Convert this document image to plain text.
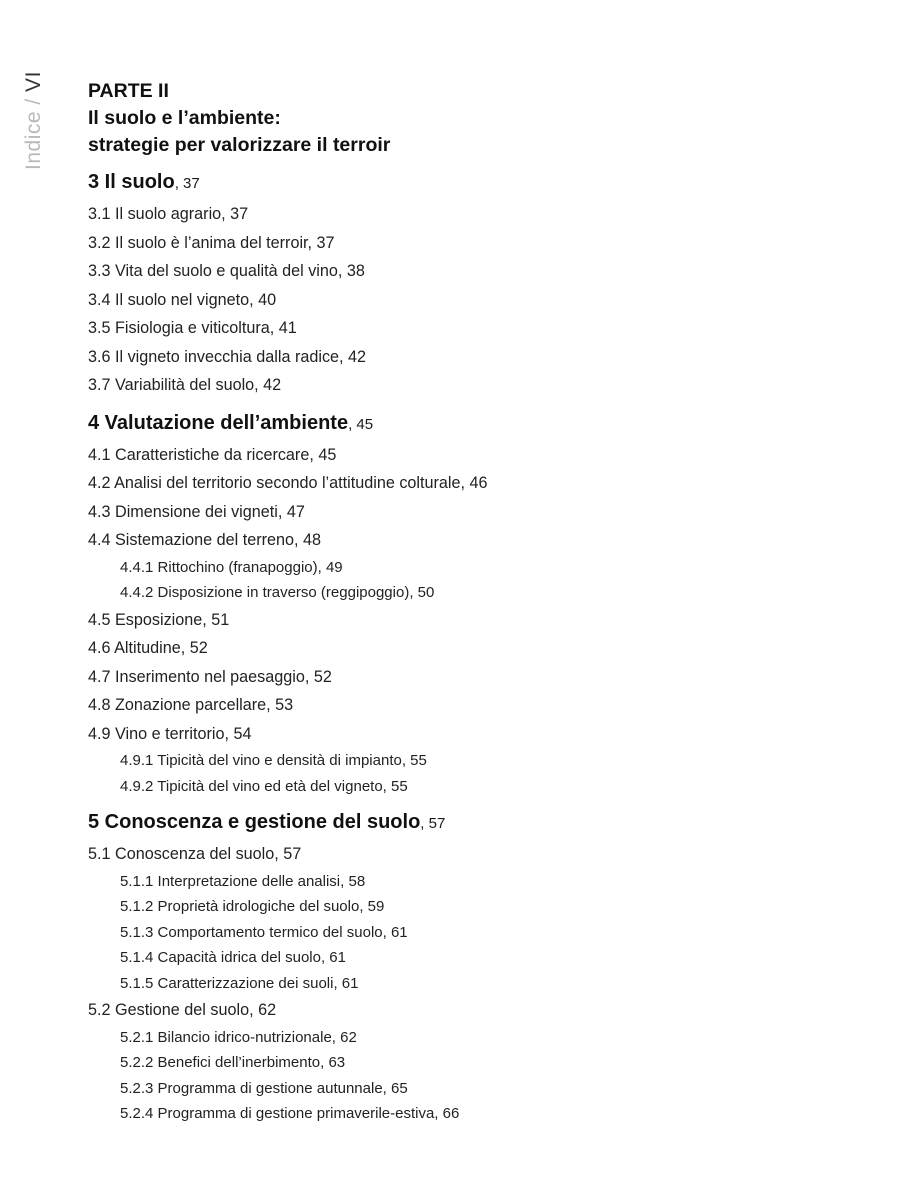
Indice / VI PARTE II
Il suolo e l’ambiente:
strategie per valorizzare il terroir
3 Il suolo, 37
3.1 Il suolo agrario, 37
3.2 Il suolo è l’anima del terroir, 37
3.3 Vita del suolo e qualità del vino, 38
3.4 Il suolo nel vigneto, 40
3.5 Fisiologia e viticoltura, 41
3.6 Il vigneto invecchia dalla radice, 42
3.7 Variabilità del suolo, 42
4 Valutazione dell’ambiente, 45
4.1 Caratteristiche da ricercare, 45
4.2 Analisi del territorio secondo l’attitudine colturale, 46
4.3 Dimensione dei vigneti, 47
4.4 Sistemazione del terreno, 48
4.4.1 Rittochino (franapoggio), 49
4.4.2 Disposizione in traverso (reggipoggio), 50
4.5 Esposizione, 51
4.6 Altitudine, 52
4.7 Inserimento nel paesaggio, 52
4.8 Zonazione parcellare, 53
4.9 Vino e territorio, 54
4.9.1 Tipicità del vino e densità di impianto, 55
4.9.2 Tipicità del vino ed età del vigneto, 55
5 Conoscenza e gestione del suolo, 57
5.1 Conoscenza del suolo, 57
5.1.1 Interpretazione delle analisi, 58
5.1.2 Proprietà idrologiche del suolo, 59
5.1.3 Comportamento termico del suolo, 61
5.1.4 Capacità idrica del suolo, 61
5.1.5 Caratterizzazione dei suoli, 61
5.2 Gestione del suolo, 62
5.2.1 Bilancio idrico-nutrizionale, 62
5.2.2 Benefici dell’inerbimento, 63
5.2.3 Programma di gestione autunnale, 65
5.2.4 Programma di gestione primaverile-estiva, 66
